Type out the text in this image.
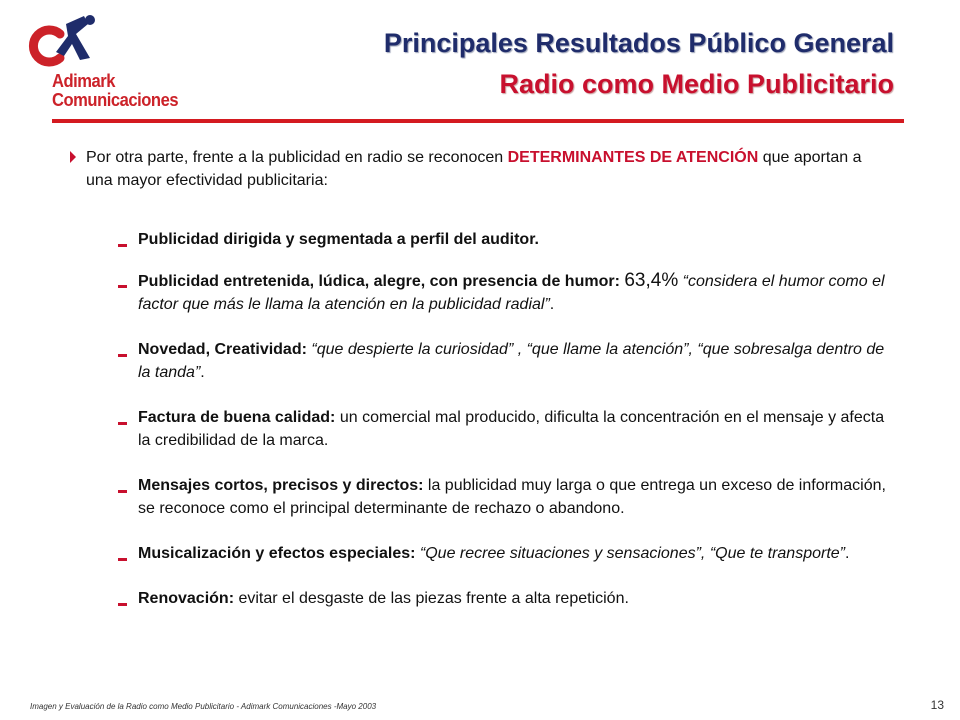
Adimark
Comunicaciones
Principales Resultados Público General
Radio como Medio Publicitario
Por otra parte, frente a la publicidad en radio se reconocen DETERMINANTES DE ATENCIÓN que aportan a una mayor efectividad publicitaria:
Publicidad dirigida y segmentada a perfil del auditor.
Publicidad entretenida, lúdica, alegre, con presencia de humor: 63,4% “considera el humor como el factor que más le llama la atención en la publicidad radial”.
Novedad, Creatividad: “que despierte la curiosidad” , “que llame la atención”, “que sobresalga dentro de la tanda”.
Factura de buena calidad: un comercial mal producido, dificulta la concentración en el mensaje y afecta la credibilidad de la marca.
Mensajes cortos, precisos y directos: la publicidad muy larga o que entrega un exceso de información, se reconoce como el principal determinante de rechazo o abandono.
Musicalización y efectos especiales: “Que recree situaciones y sensaciones”, “Que te transporte”.
Renovación: evitar el desgaste de las piezas frente a alta repetición.
Imagen y Evaluación de la Radio como Medio Publicitario - Adimark Comunicaciones -Mayo 2003	13
